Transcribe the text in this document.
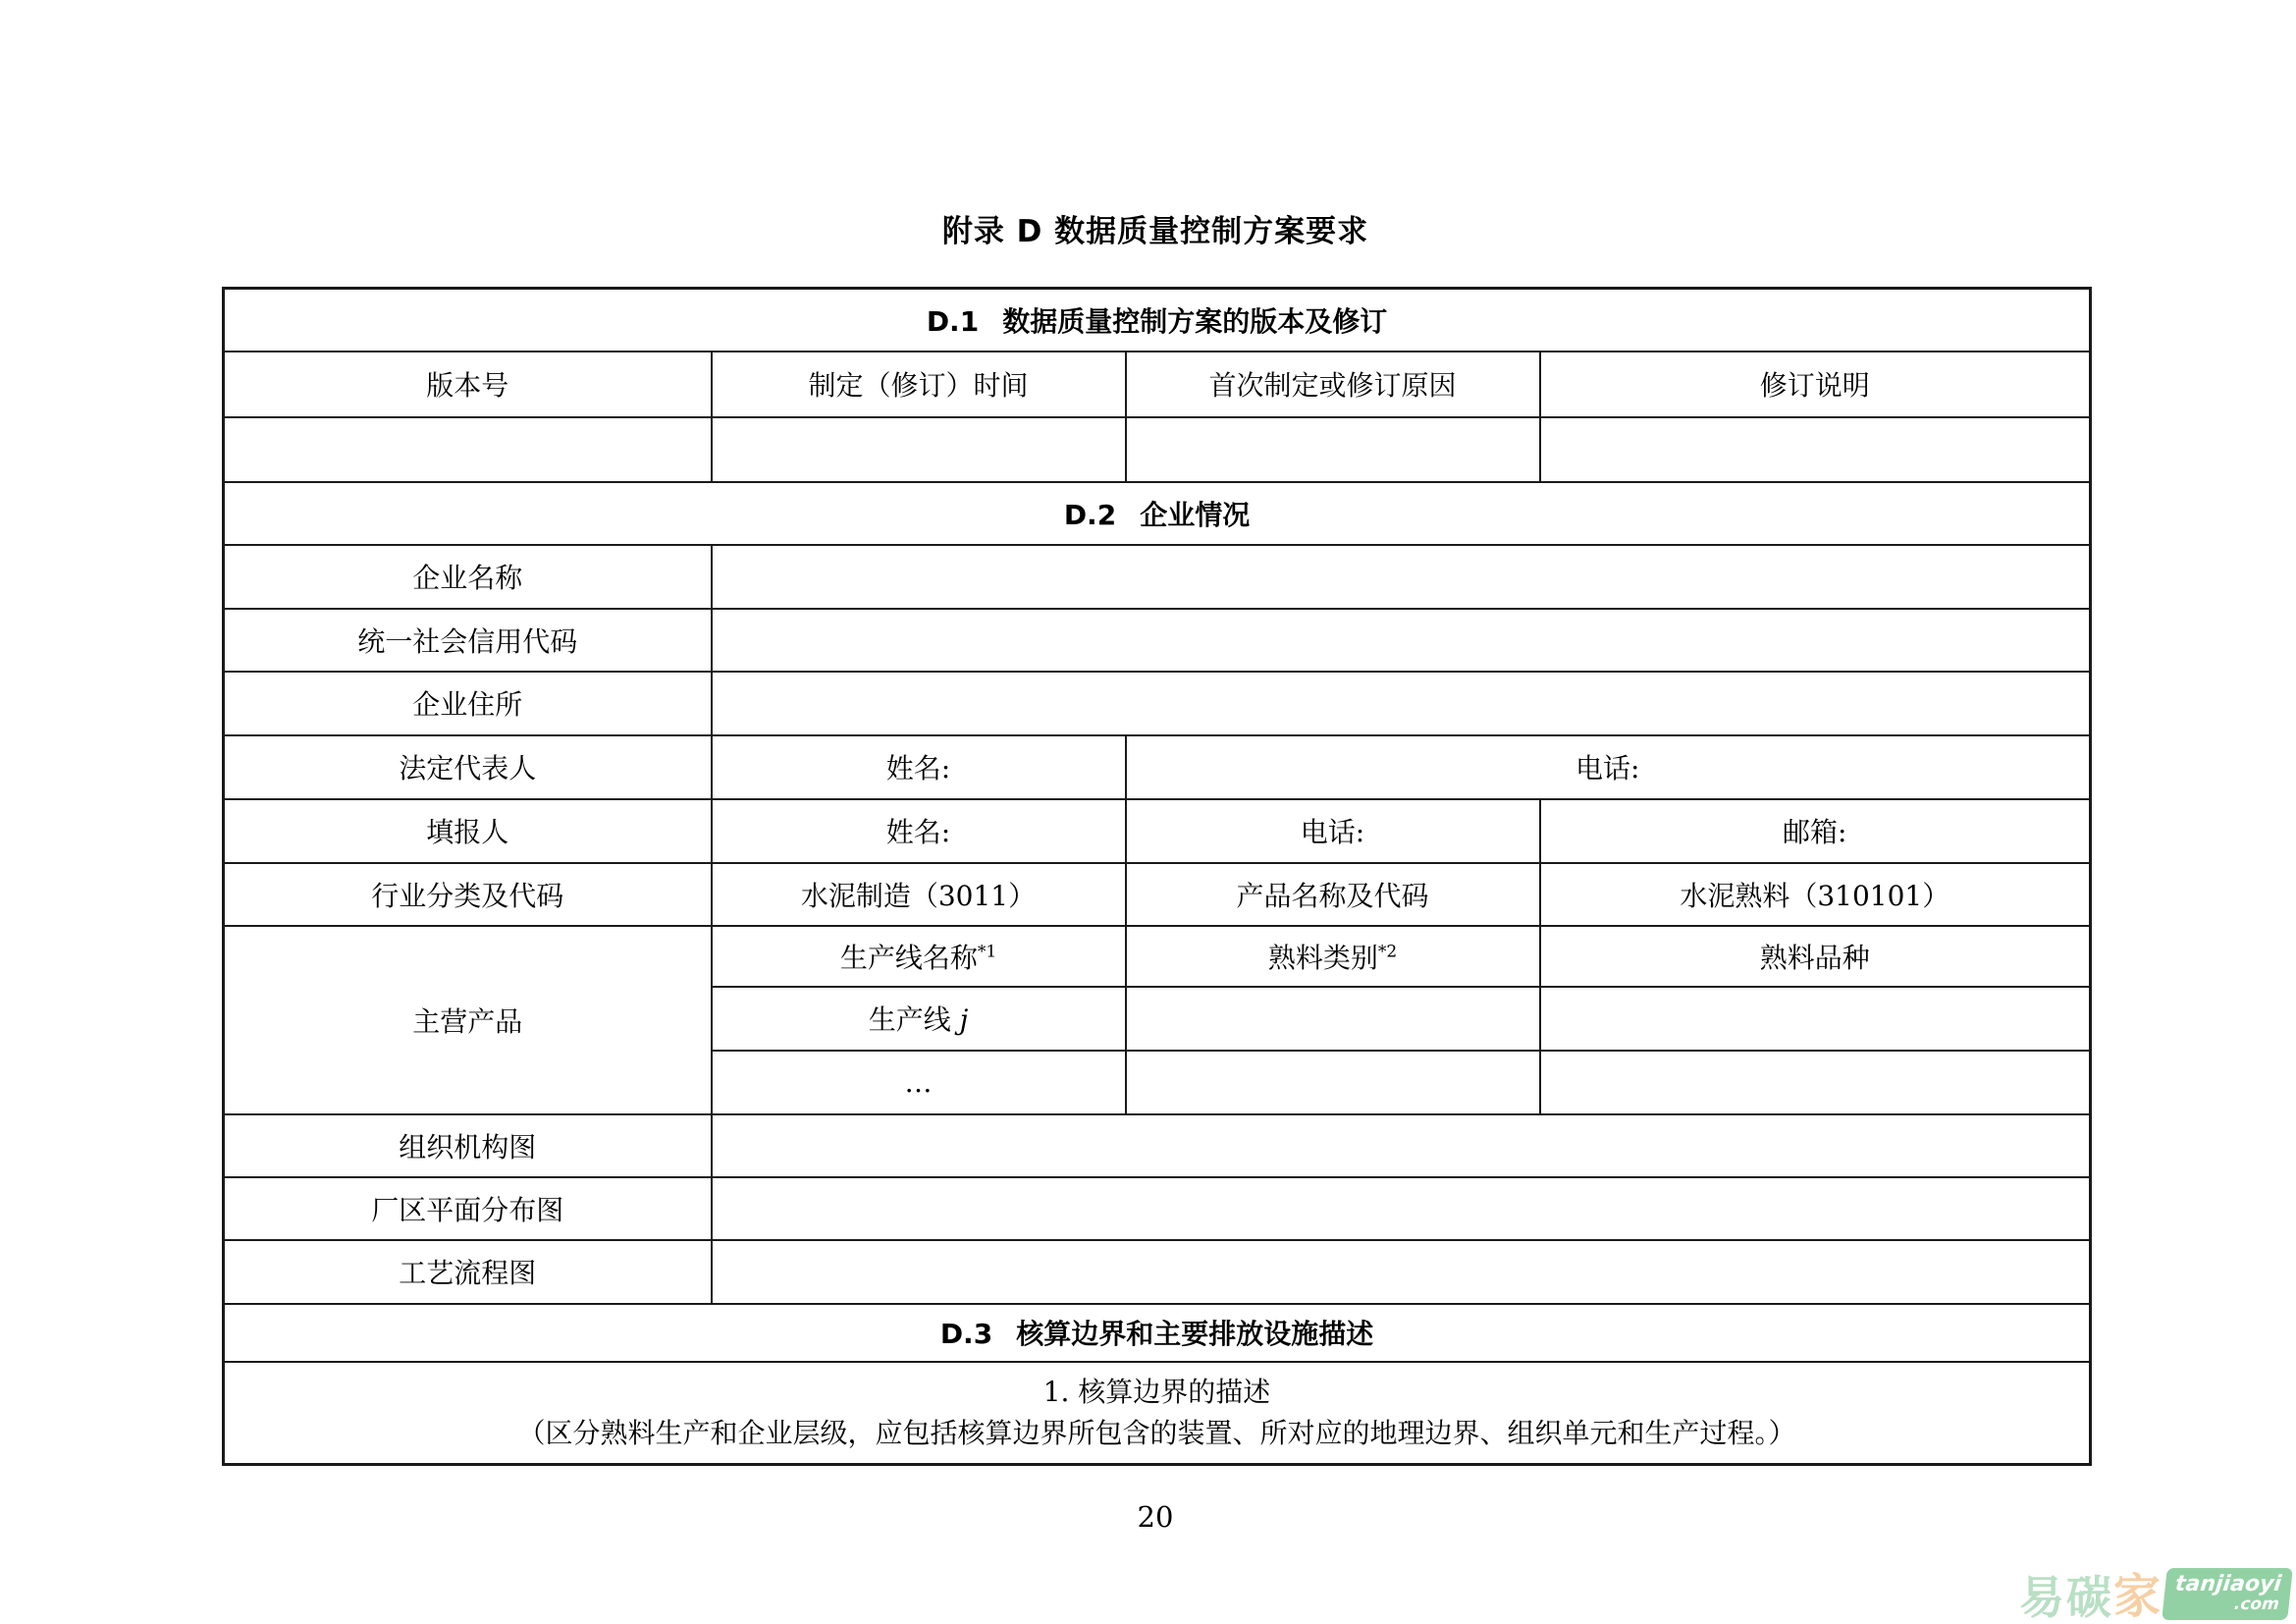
附录 D 数据质量控制方案要求
D.1 数据质量控制方案的版本及修订			
版本号	制定（修订）时间	首次制定或修订原因	修订说明

D.2 企业情况			
企业名称			
统一社会信用代码			
企业住所			
法定代表人	姓名:	电话:	
填报人	姓名:	电话:	邮箱:
行业分类及代码	水泥制造（3011）	产品名称及代码	水泥熟料（310101）
主营产品	生产线名称$^{*1}$	熟料类别$^{*2}$	熟料品种
	生产线 j		
	…		
组织机构图			
厂区平面分布图			
工艺流程图			
D.3 核算边界和主要排放设施描述			

1. 核算边界的描述
（区分熟料生产和企业层级，应包括核算边界所包含的装置、所对应的地理边界、组织单元和生产过程。）			
20
易碳 家 tanjiaoyi
.com
